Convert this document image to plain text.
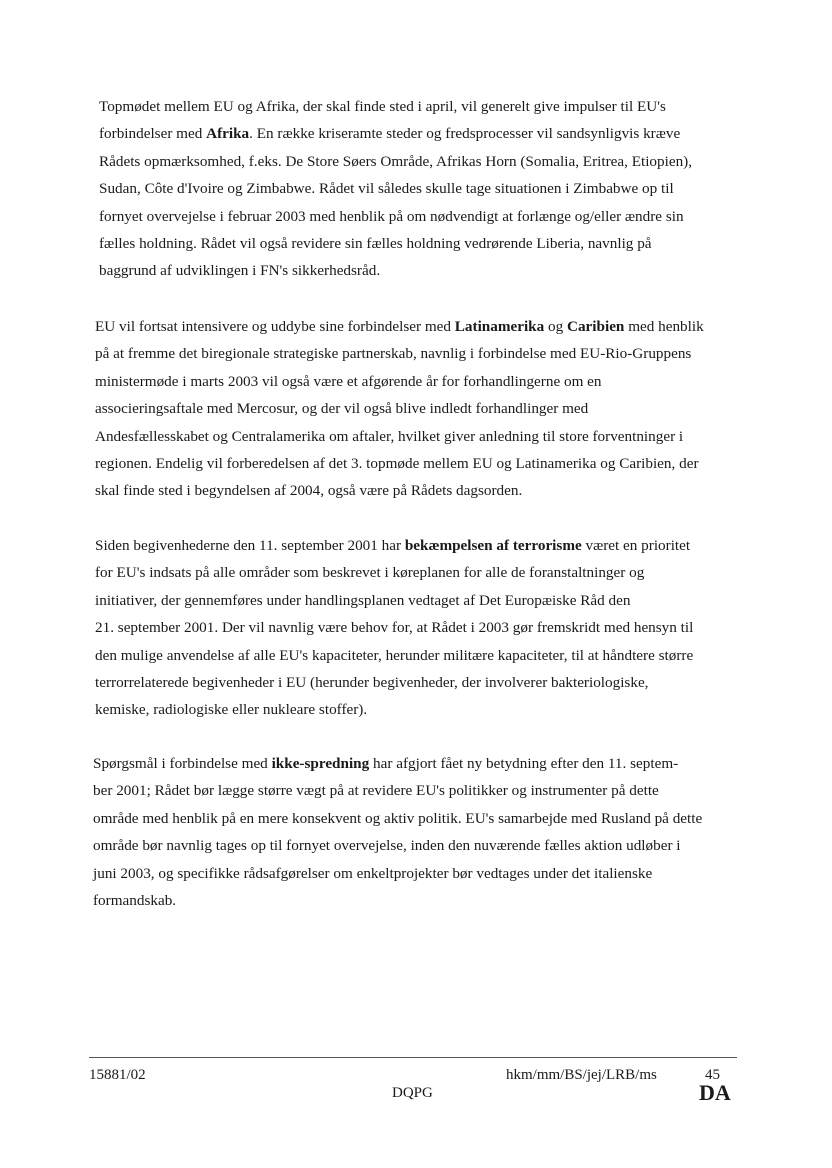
Topmødet mellem EU og Afrika, der skal finde sted i april, vil generelt give impulser til EU's
forbindelser med Afrika. En række kriseramte steder og fredsprocesser vil sandsynligvis kræve
Rådets opmærksomhed, f.eks. De Store Søers Område, Afrikas Horn (Somalia, Eritrea, Etiopien),
Sudan, Côte d'Ivoire og Zimbabwe. Rådet vil således skulle tage situationen i Zimbabwe op til
fornyet overvejelse i februar 2003 med henblik på om nødvendigt at forlænge og/eller ændre sin
fælles holdning. Rådet vil også revidere sin fælles holdning vedrørende Liberia, navnlig på
baggrund af udviklingen i FN's sikkerhedsråd.
EU vil fortsat intensivere og uddybe sine forbindelser med Latinamerika og Caribien med henblik
på at fremme det biregionale strategiske partnerskab, navnlig i forbindelse med EU-Rio-Gruppens
ministermøde i marts 2003 vil også være et afgørende år for forhandlingerne om en
associeringsaftale med Mercosur, og der vil også blive indledt forhandlinger med
Andesfællesskabet og Centralamerika om aftaler, hvilket giver anledning til store forventninger i
regionen. Endelig vil forberedelsen af det 3. topmøde mellem EU og Latinamerika og Caribien, der
skal finde sted i begyndelsen af 2004, også være på Rådets dagsorden.
Siden begivenhederne den 11. september 2001 har bekæmpelsen af terrorisme været en prioritet
for EU's indsats på alle områder som beskrevet i køreplanen for alle de foranstaltninger og
initiativer, der gennemføres under handlingsplanen vedtaget af Det Europæiske Råd den
21. september 2001. Der vil navnlig være behov for, at Rådet i 2003 gør fremskridt med hensyn til
den mulige anvendelse af alle EU's kapaciteter, herunder militære kapaciteter, til at håndtere større
terrorrelaterede begivenheder i EU (herunder begivenheder, der involverer bakteriologiske,
kemiske, radiologiske eller nukleare stoffer).
Spørgsmål i forbindelse med ikke-spredning har afgjort fået ny betydning efter den 11. septem-
ber 2001; Rådet bør lægge større vægt på at revidere EU's politikker og instrumenter på dette
område med henblik på en mere konsekvent og aktiv politik. EU's samarbejde med Rusland på dette
område bør navnlig tages op til fornyet overvejelse, inden den nuværende fælles aktion udløber i
juni 2003, og specifikke rådsafgørelser om enkeltprojekter bør vedtages under det italienske
formandskab.
15881/02	hkm/mm/BS/jej/LRB/ms	45
DQPG	DA
